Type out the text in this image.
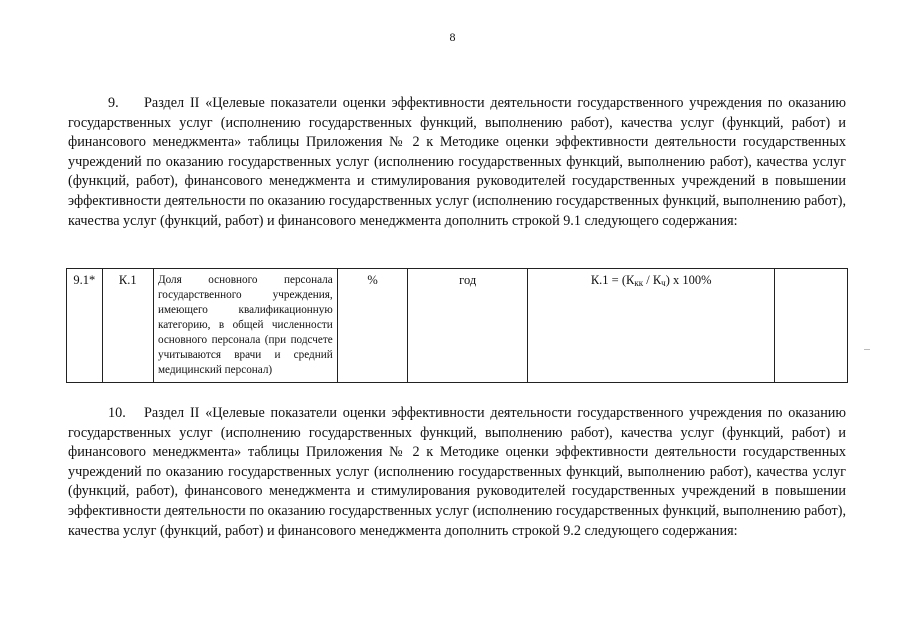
8

9. Раздел II «Целевые показатели оценки эффективности деятельности государственного учреждения по оказанию государственных услуг (исполнению государственных функций, выполнению работ), качества услуг (функций, работ) и финансового менеджмента» таблицы Приложения № 2 к Методике оценки эффективности деятельности государственных учреждений по оказанию государственных услуг (исполнению государственных функций, выполнению работ), качества услуг (функций, работ), финансового менеджмента и стимулирования руководителей государственных учреждений в повышении эффективности деятельности по оказанию государственных услуг (исполнению государственных функций, выполнению работ), качества услуг (функций, работ) и финансового менеджмента дополнить строкой 9.1 следующего содержания:

9.1*	К.1	Доля основного персонала государственного учреждения, имеющего квалификационную категорию, в общей численности основного персонала (при подсчете учитываются врачи и средний медицинский персонал)	%	год	$К.1 = (К_{кк} / К_ч)$ х 100%	

10. Раздел II «Целевые показатели оценки эффективности деятельности государственного учреждения по оказанию государственных услуг (исполнению государственных функций, выполнению работ), качества услуг (функций, работ) и финансового менеджмента» таблицы Приложения № 2 к Методике оценки эффективности деятельности государственных учреждений по оказанию государственных услуг (исполнению государственных функций, выполнению работ), качества услуг (функций, работ), финансового менеджмента и стимулирования руководителей государственных учреждений в повышении эффективности деятельности по оказанию государственных услуг (исполнению государственных функций, выполнению работ), качества услуг (функций, работ) и финансового менеджмента дополнить строкой 9.2 следующего содержания:
